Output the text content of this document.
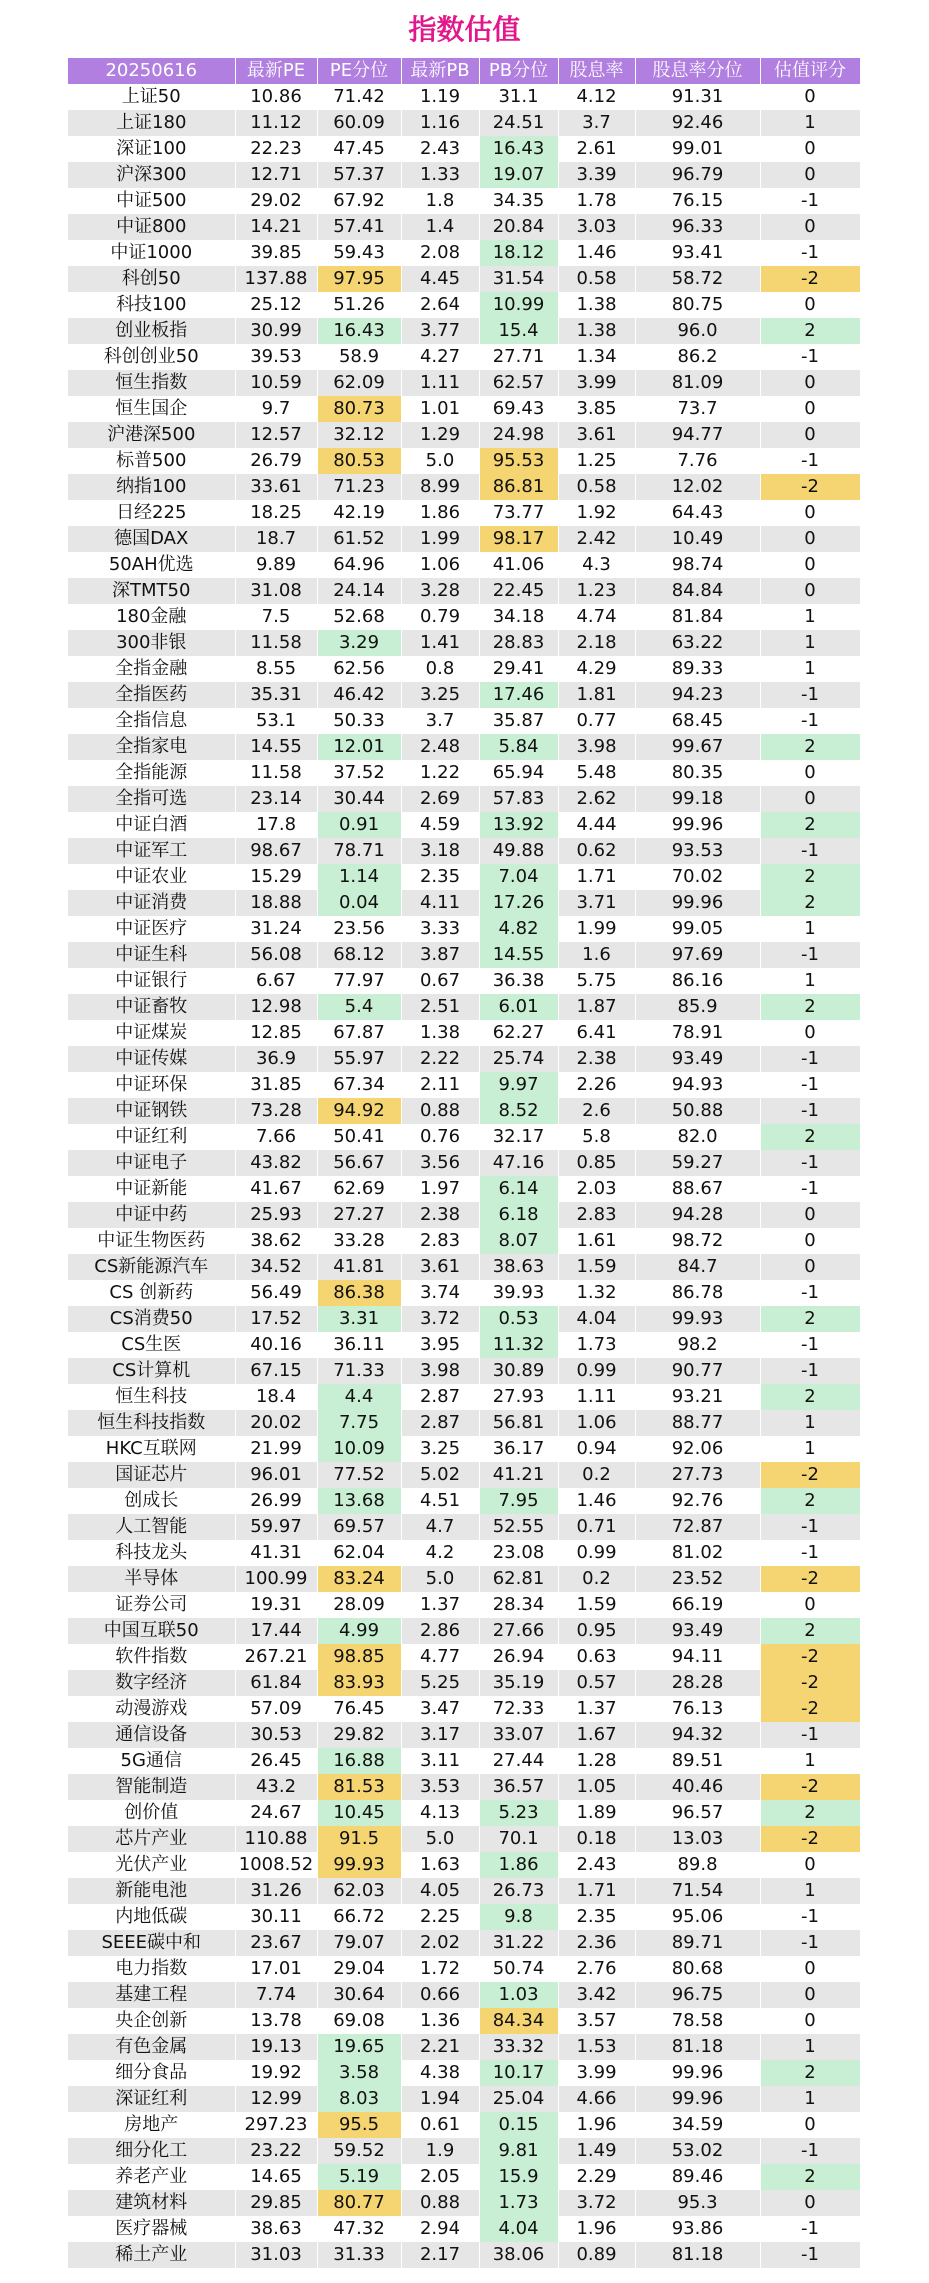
指数估值
20250616	最新PE	PE分位	最新PB	PB分位	股息率	股息率分位	估值评分
上证50	10.86	71.42	1.19	31.1	4.12	91.31	0
上证180	11.12	60.09	1.16	24.51	3.7	92.46	1
深证100	22.23	47.45	2.43	16.43	2.61	99.01	0
沪深300	12.71	57.37	1.33	19.07	3.39	96.79	0
中证500	29.02	67.92	1.8	34.35	1.78	76.15	-1
中证800	14.21	57.41	1.4	20.84	3.03	96.33	0
中证1000	39.85	59.43	2.08	18.12	1.46	93.41	-1
科创50	137.88	97.95	4.45	31.54	0.58	58.72	-2
科技100	25.12	51.26	2.64	10.99	1.38	80.75	0
创业板指	30.99	16.43	3.77	15.4	1.38	96.0	2
科创创业50	39.53	58.9	4.27	27.71	1.34	86.2	-1
恒生指数	10.59	62.09	1.11	62.57	3.99	81.09	0
恒生国企	9.7	80.73	1.01	69.43	3.85	73.7	0
沪港深500	12.57	32.12	1.29	24.98	3.61	94.77	0
标普500	26.79	80.53	5.0	95.53	1.25	7.76	-1
纳指100	33.61	71.23	8.99	86.81	0.58	12.02	-2
日经225	18.25	42.19	1.86	73.77	1.92	64.43	0
德国DAX	18.7	61.52	1.99	98.17	2.42	10.49	0
50AH优选	9.89	64.96	1.06	41.06	4.3	98.74	0
深TMT50	31.08	24.14	3.28	22.45	1.23	84.84	0
180金融	7.5	52.68	0.79	34.18	4.74	81.84	1
300非银	11.58	3.29	1.41	28.83	2.18	63.22	1
全指金融	8.55	62.56	0.8	29.41	4.29	89.33	1
全指医药	35.31	46.42	3.25	17.46	1.81	94.23	-1
全指信息	53.1	50.33	3.7	35.87	0.77	68.45	-1
全指家电	14.55	12.01	2.48	5.84	3.98	99.67	2
全指能源	11.58	37.52	1.22	65.94	5.48	80.35	0
全指可选	23.14	30.44	2.69	57.83	2.62	99.18	0
中证白酒	17.8	0.91	4.59	13.92	4.44	99.96	2
中证军工	98.67	78.71	3.18	49.88	0.62	93.53	-1
中证农业	15.29	1.14	2.35	7.04	1.71	70.02	2
中证消费	18.88	0.04	4.11	17.26	3.71	99.96	2
中证医疗	31.24	23.56	3.33	4.82	1.99	99.05	1
中证生科	56.08	68.12	3.87	14.55	1.6	97.69	-1
中证银行	6.67	77.97	0.67	36.38	5.75	86.16	1
中证畜牧	12.98	5.4	2.51	6.01	1.87	85.9	2
中证煤炭	12.85	67.87	1.38	62.27	6.41	78.91	0
中证传媒	36.9	55.97	2.22	25.74	2.38	93.49	-1
中证环保	31.85	67.34	2.11	9.97	2.26	94.93	-1
中证钢铁	73.28	94.92	0.88	8.52	2.6	50.88	-1
中证红利	7.66	50.41	0.76	32.17	5.8	82.0	2
中证电子	43.82	56.67	3.56	47.16	0.85	59.27	-1
中证新能	41.67	62.69	1.97	6.14	2.03	88.67	-1
中证中药	25.93	27.27	2.38	6.18	2.83	94.28	0
中证生物医药	38.62	33.28	2.83	8.07	1.61	98.72	0
CS新能源汽车	34.52	41.81	3.61	38.63	1.59	84.7	0
CS 创新药	56.49	86.38	3.74	39.93	1.32	86.78	-1
CS消费50	17.52	3.31	3.72	0.53	4.04	99.93	2
CS生医	40.16	36.11	3.95	11.32	1.73	98.2	-1
CS计算机	67.15	71.33	3.98	30.89	0.99	90.77	-1
恒生科技	18.4	4.4	2.87	27.93	1.11	93.21	2
恒生科技指数	20.02	7.75	2.87	56.81	1.06	88.77	1
HKC互联网	21.99	10.09	3.25	36.17	0.94	92.06	1
国证芯片	96.01	77.52	5.02	41.21	0.2	27.73	-2
创成长	26.99	13.68	4.51	7.95	1.46	92.76	2
人工智能	59.97	69.57	4.7	52.55	0.71	72.87	-1
科技龙头	41.31	62.04	4.2	23.08	0.99	81.02	-1
半导体	100.99	83.24	5.0	62.81	0.2	23.52	-2
证券公司	19.31	28.09	1.37	28.34	1.59	66.19	0
中国互联50	17.44	4.99	2.86	27.66	0.95	93.49	2
软件指数	267.21	98.85	4.77	26.94	0.63	94.11	-2
数字经济	61.84	83.93	5.25	35.19	0.57	28.28	-2
动漫游戏	57.09	76.45	3.47	72.33	1.37	76.13	-2
通信设备	30.53	29.82	3.17	33.07	1.67	94.32	-1
5G通信	26.45	16.88	3.11	27.44	1.28	89.51	1
智能制造	43.2	81.53	3.53	36.57	1.05	40.46	-2
创价值	24.67	10.45	4.13	5.23	1.89	96.57	2
芯片产业	110.88	91.5	5.0	70.1	0.18	13.03	-2
光伏产业	1008.52	99.93	1.63	1.86	2.43	89.8	0
新能电池	31.26	62.03	4.05	26.73	1.71	71.54	1
内地低碳	30.11	66.72	2.25	9.8	2.35	95.06	-1
SEEE碳中和	23.67	79.07	2.02	31.22	2.36	89.71	-1
电力指数	17.01	29.04	1.72	50.74	2.76	80.68	0
基建工程	7.74	30.64	0.66	1.03	3.42	96.75	0
央企创新	13.78	69.08	1.36	84.34	3.57	78.58	0
有色金属	19.13	19.65	2.21	33.32	1.53	81.18	1
细分食品	19.92	3.58	4.38	10.17	3.99	99.96	2
深证红利	12.99	8.03	1.94	25.04	4.66	99.96	1
房地产	297.23	95.5	0.61	0.15	1.96	34.59	0
细分化工	23.22	59.52	1.9	9.81	1.49	53.02	-1
养老产业	14.65	5.19	2.05	15.9	2.29	89.46	2
建筑材料	29.85	80.77	0.88	1.73	3.72	95.3	0
医疗器械	38.63	47.32	2.94	4.04	1.96	93.86	-1
稀土产业	31.03	31.33	2.17	38.06	0.89	81.18	-1
